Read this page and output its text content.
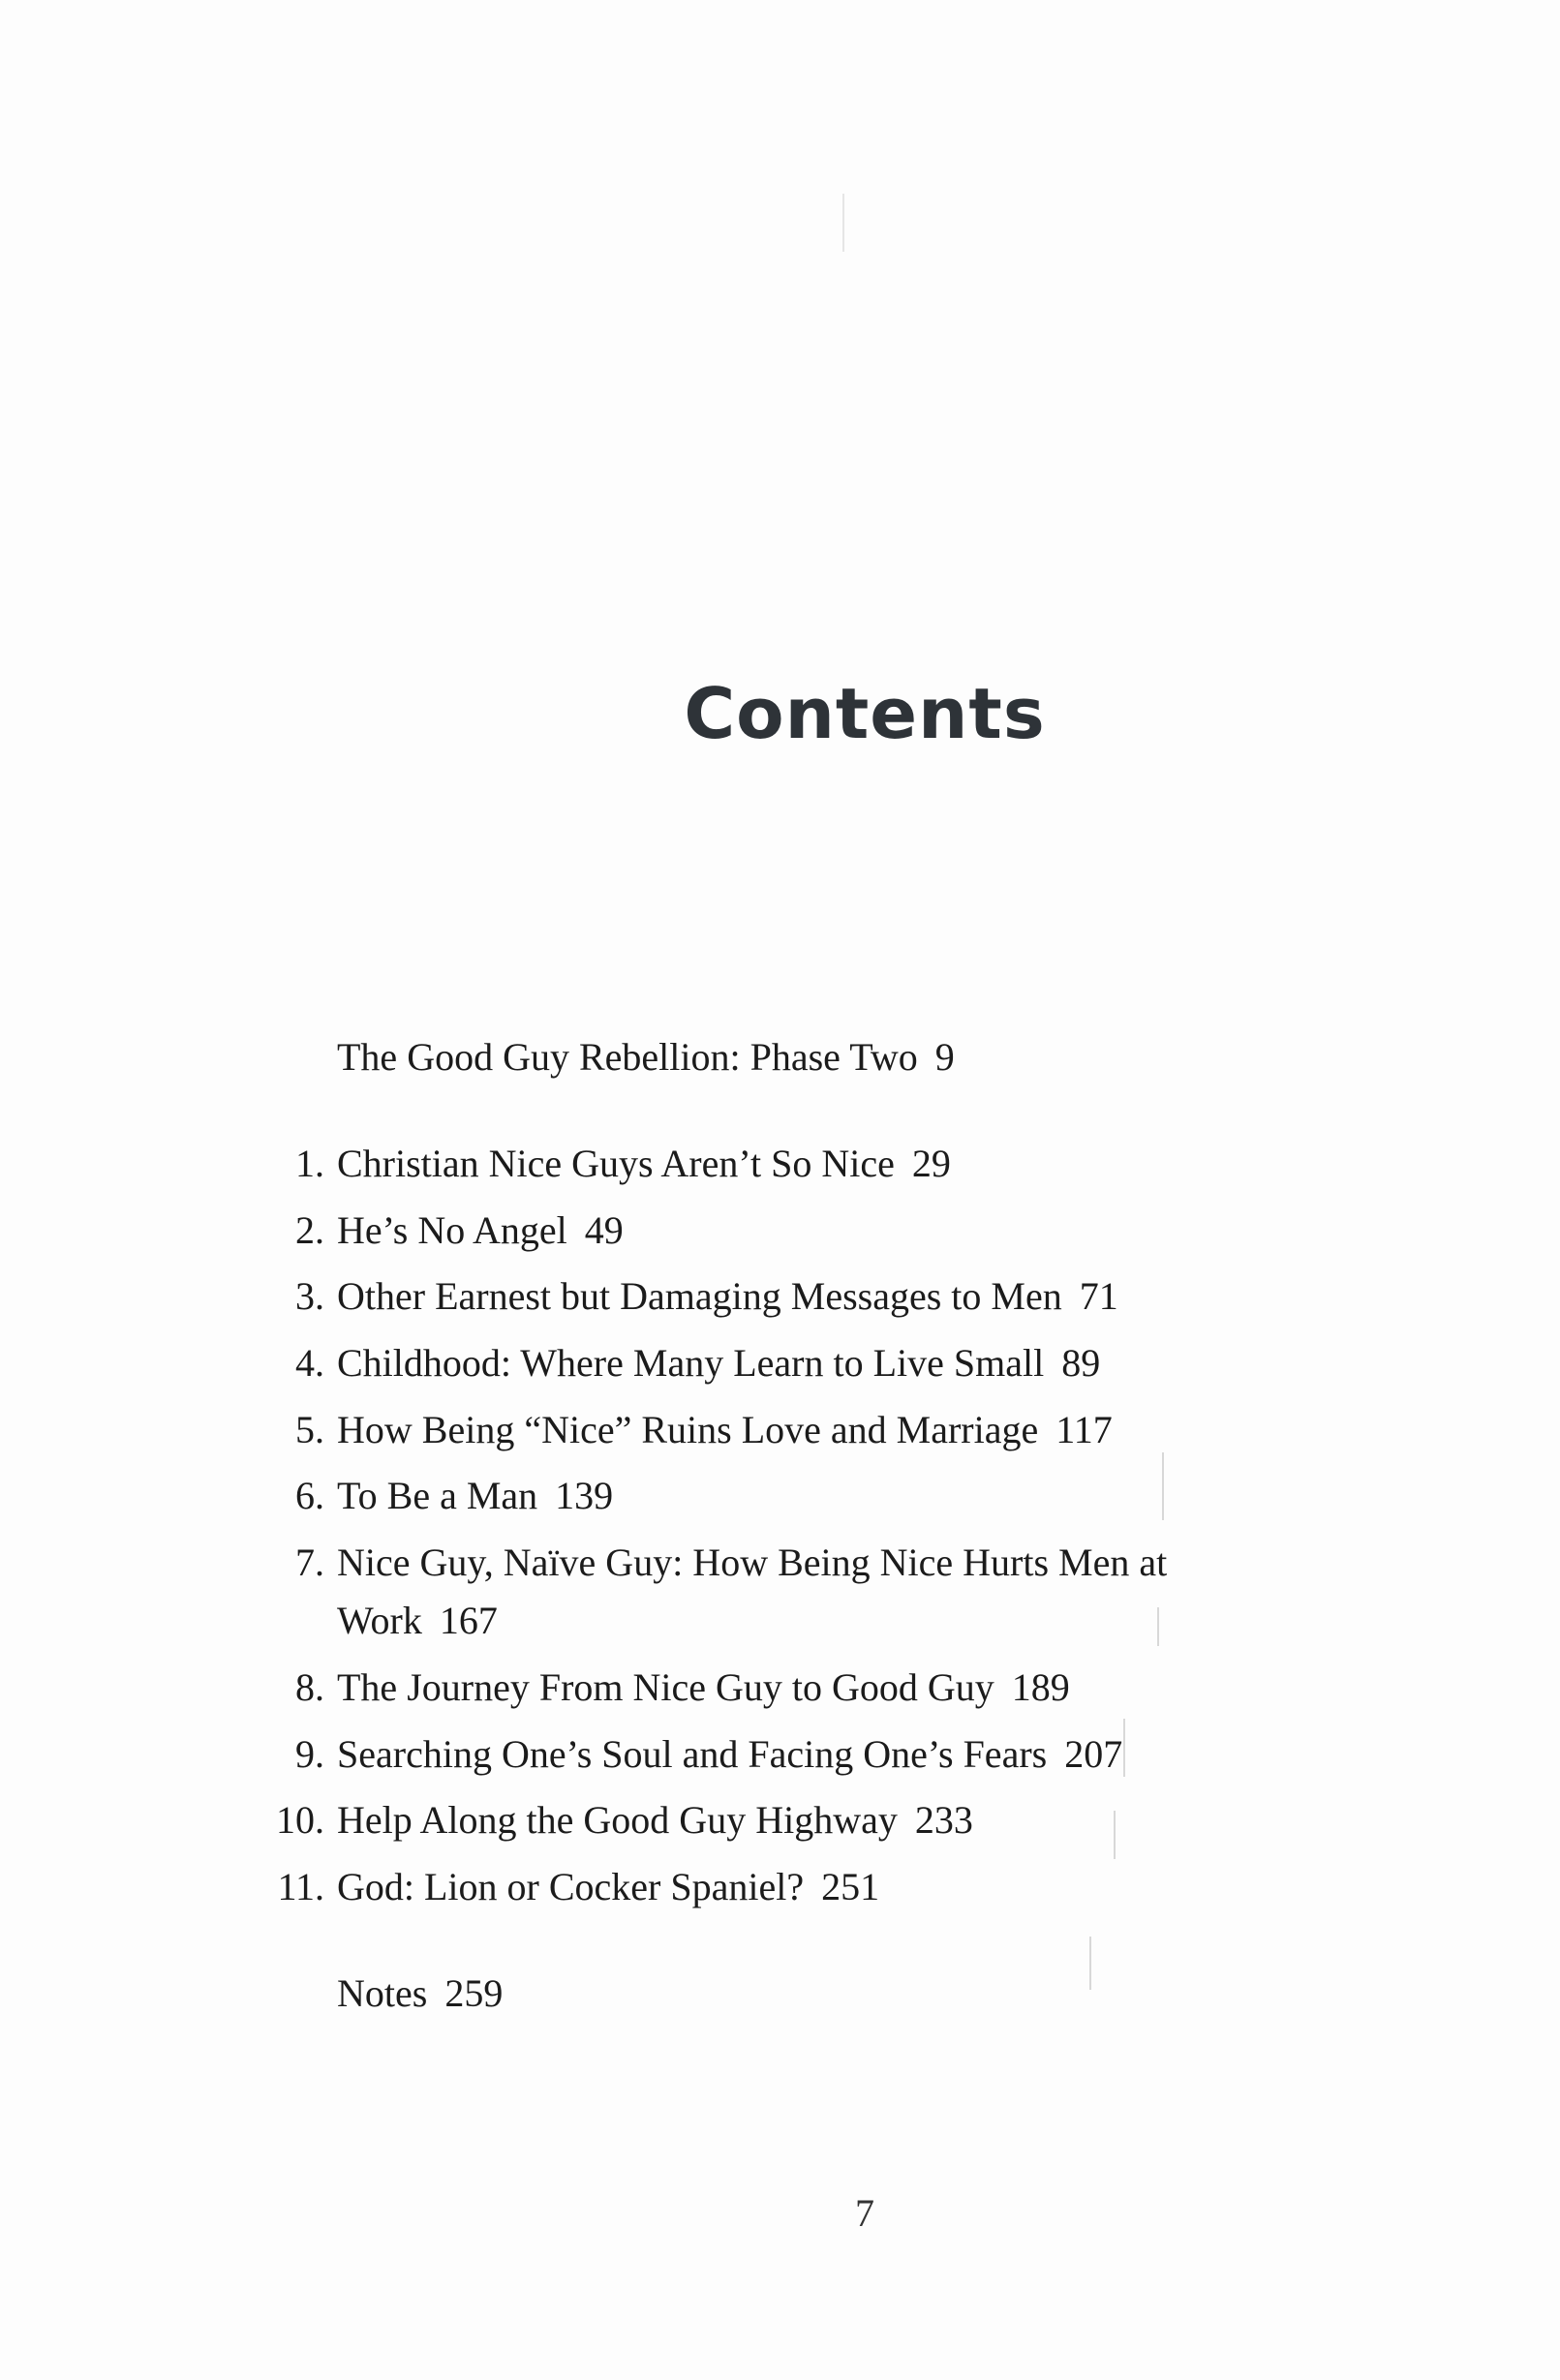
Contents
The Good Guy Rebellion: Phase Two 9
1. Christian Nice Guys Aren’t So Nice 29
2. He’s No Angel 49
3. Other Earnest but Damaging Messages to Men 71
4. Childhood: Where Many Learn to Live Small 89
5. How Being “Nice” Ruins Love and Marriage 117
6. To Be a Man 139
7. Nice Guy, Naïve Guy: How Being Nice Hurts Men at
Work 167
8. The Journey From Nice Guy to Good Guy 189
9. Searching One’s Soul and Facing One’s Fears 207
10. Help Along the Good Guy Highway 233
11. God: Lion or Cocker Spaniel? 251
Notes 259
7
